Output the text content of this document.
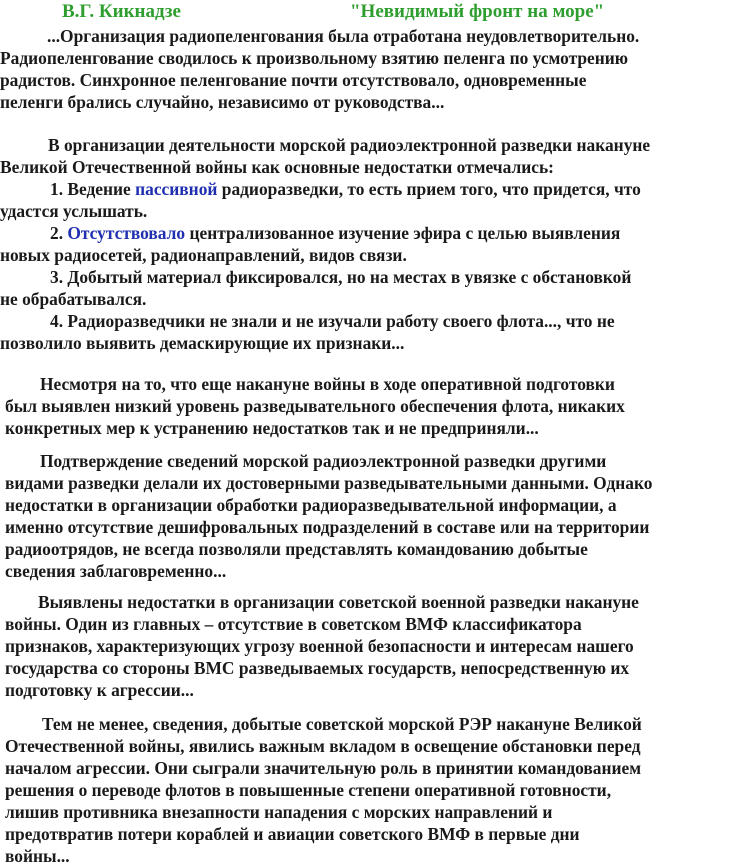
В.Г. Кикнадзе	"Невидимый фронт на море"
...Организация радиопеленгования была отработана неудовлетворительно.
Радиопеленгование сводилось к произвольному взятию пеленга по усмотрению
радистов. Синхронное пеленгование почти отсутствовало, одновременные
пеленги брались случайно, независимо от руководства...
В организации деятельности морской радиоэлектронной разведки накануне
Великой Отечественной войны как основные недостатки отмечались:
1. Ведение пассивной радиоразведки, то есть прием того, что придется, что
удастся услышать.
2. Отсутствовало централизованное изучение эфира с целью выявления
новых радиосетей, радионаправлений, видов связи.
3. Добытый материал фиксировался, но на местах в увязке с обстановкой
не обрабатывался.
4. Радиоразведчики не знали и не изучали работу своего флота..., что не
позволило выявить демаскирующие их признаки...
Несмотря на то, что еще накануне войны в ходе оперативной подготовки
был выявлен низкий уровень разведывательного обеспечения флота, никаких
конкретных мер к устранению недостатков так и не предприняли...
Подтверждение сведений морской радиоэлектронной разведки другими
видами разведки делали их достоверными разведывательными данными. Однако
недостатки в организации обработки радиоразведывательной информации, а
именно отсутствие дешифровальных подразделений в составе или на территории
радиоотрядов, не всегда позволяли представлять командованию добытые
сведения заблаговременно...
Выявлены недостатки в организации советской военной разведки накануне
войны. Один из главных – отсутствие в советском ВМФ классификатора
признаков, характеризующих угрозу военной безопасности и интересам нашего
государства со стороны ВМС разведываемых государств, непосредственную их
подготовку к агрессии...
Тем не менее, сведения, добытые советской морской РЭР накануне Великой
Отечественной войны, явились важным вкладом в освещение обстановки перед
началом агрессии. Они сыграли значительную роль в принятии командованием
решения о переводе флотов в повышенные степени оперативной готовности,
лишив противника внезапности нападения с морских направлений и
предотвратив потери кораблей и авиации советского ВМФ в первые дни
войны...
